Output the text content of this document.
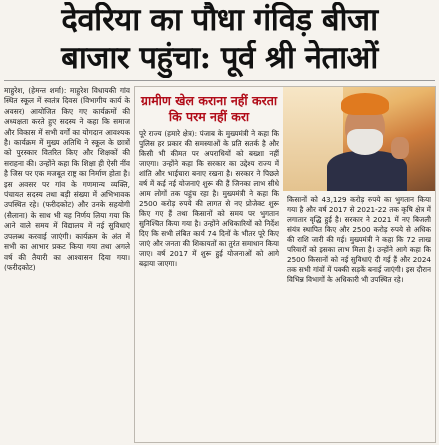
देवरिया का पौधा गंविड़ बीजा
बाजार पहुंचा: पूर्व श्री नेताओं

माहुरेश, (हेमन्त शर्मा): माहुरेश विधायकी गांव स्थित स्कूल में स्वतंत्र दिवस (विभागीय कार्य के अवसर) आयोजित किए गए कार्यक्रमों की अध्यक्षता करते हुए सदस्य ने कहा कि समाज और विकास में सभी वर्गों का योगदान आवश्यक है। कार्यक्रम में मुख्य अतिथि ने स्कूल के छात्रों को पुरस्कार वितरित किए और शिक्षकों की सराहना की। उन्होंने कहा कि शिक्षा ही ऐसी नींव है जिस पर एक मजबूत राष्ट्र का निर्माण होता है। इस अवसर पर गांव के गणमान्य व्यक्ति, पंचायत सदस्य तथा बड़ी संख्या में अभिभावक उपस्थित रहे। (फरीदकोट) और उनके सहयोगी (सैलाना) के साथ भी यह निर्णय लिया गया कि आने वाले समय में विद्यालय में नई सुविधाएं उपलब्ध करवाई जाएंगी। कार्यक्रम के अंत में सभी का आभार प्रकट किया गया तथा अगले वर्ष की तैयारी का आश्वासन दिया गया। (फरीदकोट)

ग्रामीण खेल कराना नहीं करता कि परम नहीं करा

पूरे राज्य (हमारे क्षेत्र): पंजाब के मुख्यमंत्री ने कहा कि पुलिस हर प्रकार की समस्याओं के प्रति सतर्क है और किसी भी कीमत पर अपराधियों को बख्शा नहीं जाएगा। उन्होंने कहा कि सरकार का उद्देश्य राज्य में शांति और भाईचारा बनाए रखना है। सरकार ने पिछले वर्ष में कई नई योजनाएं शुरू की हैं जिनका लाभ सीधे आम लोगों तक पहुंच रहा है। मुख्यमंत्री ने कहा कि 2500 करोड़ रुपये की लागत से नए प्रोजेक्ट शुरू किए गए हैं तथा किसानों को समय पर भुगतान सुनिश्चित किया गया है। उन्होंने अधिकारियों को निर्देश दिए कि सभी लंबित कार्य 74 दिनों के भीतर पूरे किए जाएं और जनता की शिकायतों का तुरंत समाधान किया जाए। वर्ष 2017 में शुरू हुई योजनाओं को आगे बढ़ाया जाएगा।

किसानों को 43,129 करोड़ रुपये का भुगतान किया गया है और वर्ष 2017 से 2021-22 तक कृषि क्षेत्र में लगातार वृद्धि हुई है। सरकार ने 2021 में नए बिजली संयंत्र स्थापित किए और 2500 करोड़ रुपये से अधिक की राशि जारी की गई। मुख्यमंत्री ने कहा कि 72 लाख परिवारों को इसका लाभ मिला है। उन्होंने आगे कहा कि 2500 किसानों को नई सुविधाएं दी गई हैं और 2024 तक सभी गांवों में पक्की सड़कें बनाई जाएंगी। इस दौरान विभिन्न विभागों के अधिकारी भी उपस्थित रहे।
